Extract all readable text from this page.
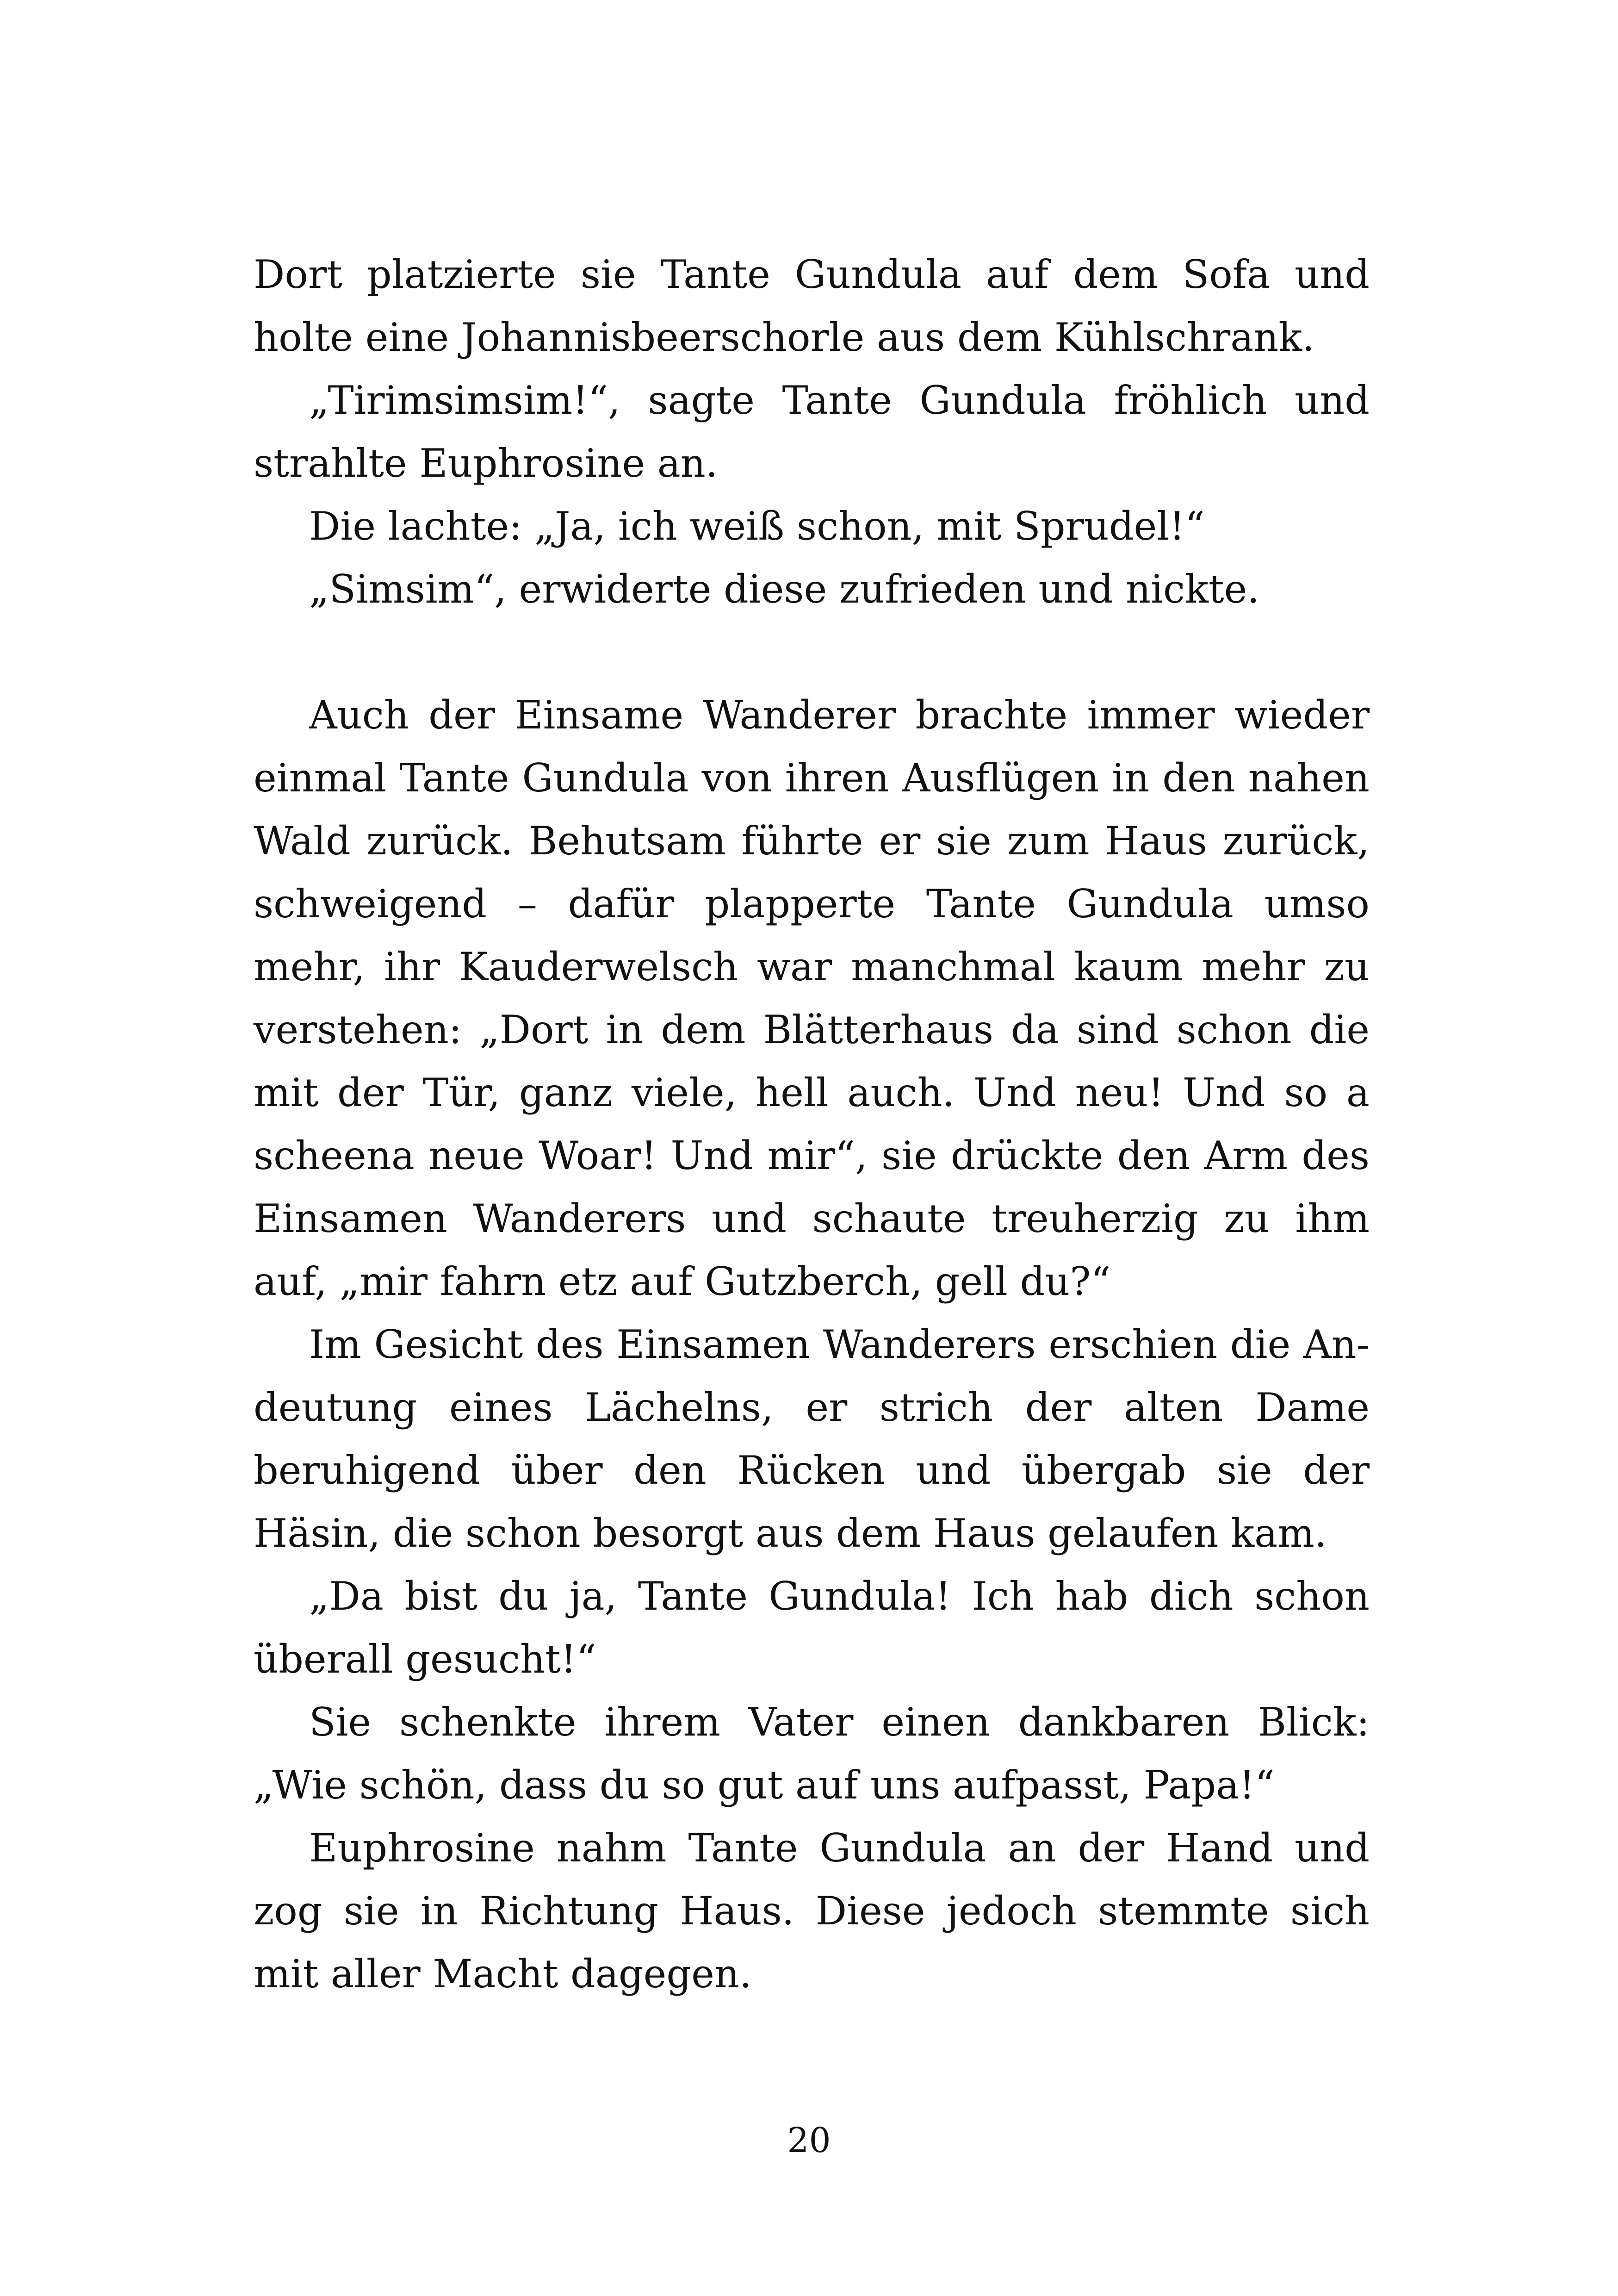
Dort platzierte sie Tante Gundula auf dem Sofa und holte eine Johannisbeerschorle aus dem Kühlschrank.

„Tirimsimsim!“, sagte Tante Gundula fröhlich und strahlte Euphrosine an.

Die lachte: „Ja, ich weiß schon, mit Sprudel!“

„Simsim“, erwiderte diese zufrieden und nickte.

Auch der Einsame Wanderer brachte immer wieder einmal Tante Gundula von ihren Ausflügen in den nahen Wald zurück. Behutsam führte er sie zum Haus zurück, schweigend – dafür plapperte Tante Gundula umso mehr, ihr Kauderwelsch war manchmal kaum mehr zu verstehen: „Dort in dem Blätterhaus da sind schon die mit der Tür, ganz viele, hell auch. Und neu! Und so a scheena neue Woar! Und mir“, sie drückte den Arm des Einsamen Wanderers und schaute treuherzig zu ihm auf, „mir fahrn etz auf Gutzberch, gell du?“

Im Gesicht des Einsamen Wanderers erschien die Andeutung eines Lächelns, er strich der alten Dame beruhigend über den Rücken und übergab sie der Häsin, die schon besorgt aus dem Haus gelaufen kam.

„Da bist du ja, Tante Gundula! Ich hab dich schon überall gesucht!“

Sie schenkte ihrem Vater einen dankbaren Blick: „Wie schön, dass du so gut auf uns aufpasst, Papa!“

Euphrosine nahm Tante Gundula an der Hand und zog sie in Richtung Haus. Diese jedoch stemmte sich mit aller Macht dagegen.

20
